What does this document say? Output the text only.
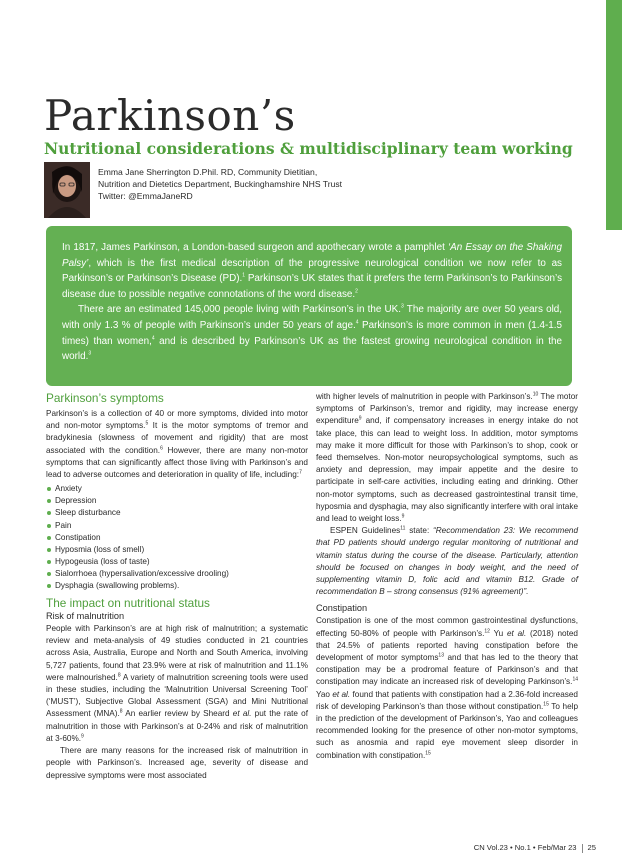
Parkinson’s
Nutritional considerations & multidisciplinary team working
Emma Jane Sherrington D.Phil. RD, Community Dietitian,
Nutrition and Dietetics Department, Buckinghamshire NHS Trust
Twitter: @EmmaJaneRD

In 1817, James Parkinson, a London-based surgeon and apothecary wrote a pamphlet ‘An Essay on the Shaking Palsy’, which is the first medical description of the progressive neurological condition we now refer to as Parkinson’s or Parkinson’s Disease (PD).$^1$ Parkinson’s UK states that it prefers the term Parkinson’s to Parkinson’s disease due to possible negative connotations of the word disease.$^2$

There are an estimated 145,000 people living with Parkinson’s in the UK.$^3$ The majority are over 50 years old, with only 1.3 % of people with Parkinson’s under 50 years of age.$^4$ Parkinson’s is more common in men (1.4-1.5 times) than women,$^4$ and is described by Parkinson’s UK as the fastest growing neurological condition in the world.$^3$

Parkinson’s symptoms

Parkinson’s is a collection of 40 or more symptoms, divided into motor and non-motor symptoms.$^5$ It is the motor symptoms of tremor and bradykinesia (slowness of movement and rigidity) that are most associated with the condition.$^6$ However, there are many non-motor symptoms that can significantly affect those living with Parkinson’s and lead to adverse outcomes and deterioration in quality of life, including:$^7$

Anxiety
Depression
Sleep disturbance
Pain
Constipation
Hyposmia (loss of smell)
Hypogeusia (loss of taste)
Sialorrhoea (hypersalivation/excessive drooling)
Dysphagia (swallowing problems).
The impact on nutritional status
Risk of malnutrition

People with Parkinson’s are at high risk of malnutrition; a systematic review and meta-analysis of 49 studies conducted in 21 countries across Asia, Australia, Europe and North and South America, involving 5,727 patients, found that 23.9% were at risk of malnutrition and 11.1% were malnourished.$^8$ A variety of malnutrition screening tools were used in these studies, including the ‘Malnutrition Universal Screening Tool’ (‘MUST’), Subjective Global Assessment (SGA) and Mini Nutritional Assessment (MNA).$^8$ An earlier review by Sheard et al. put the rate of malnutrition in those with Parkinson’s at 0-24% and risk of malnutrition at 3-60%.$^9$

There are many reasons for the increased risk of malnutrition in people with Parkinson’s. Increased age, severity of disease and depressive symptoms were most associated

with higher levels of malnutrition in people with Parkinson’s.$^{10}$ The motor symptoms of Parkinson’s, tremor and rigidity, may increase energy expenditure$^9$ and, if compensatory increases in energy intake do not take place, this can lead to weight loss. In addition, motor symptoms may make it more difficult for those with Parkinson’s to shop, cook or feed themselves. Non-motor neuropsychological symptoms, such as anxiety and depression, may impair appetite and the desire to participate in self-care activities, including eating and drinking. Other non-motor symptoms, such as decreased gastrointestinal transit time, hyposmia and dysphagia, may also significantly interfere with oral intake and lead to weight loss.$^9$

ESPEN Guidelines$^{11}$ state: “Recommendation 23: We recommend that PD patients should undergo regular monitoring of nutritional and vitamin status during the course of the disease. Particularly, attention should be focused on changes in body weight, and the need of supplementing vitamin D, folic acid and vitamin B12. Grade of recommendation B – strong consensus (91% agreement)”.

Constipation

Constipation is one of the most common gastrointestinal dysfunctions, effecting 50-80% of people with Parkinson’s.$^{12}$ Yu et al. (2018) noted that 24.5% of patients reported having constipation before the development of motor symptoms$^{13}$ and that has led to the theory that constipation may be a prodromal feature of Parkinson’s and that constipation may indicate an increased risk of developing Parkinson’s.$^{14}$ Yao et al. found that patients with constipation had a 2.36-fold increased risk of developing Parkinson’s than those without constipation.$^{15}$ To help in the prediction of the development of Parkinson’s, Yao and colleagues recommended looking for the presence of other non-motor symptoms, such as anosmia and rapid eye movement sleep disorder in combination with constipation.$^{15}$

CN Vol.23 • No.1 • Feb/Mar 23 25
